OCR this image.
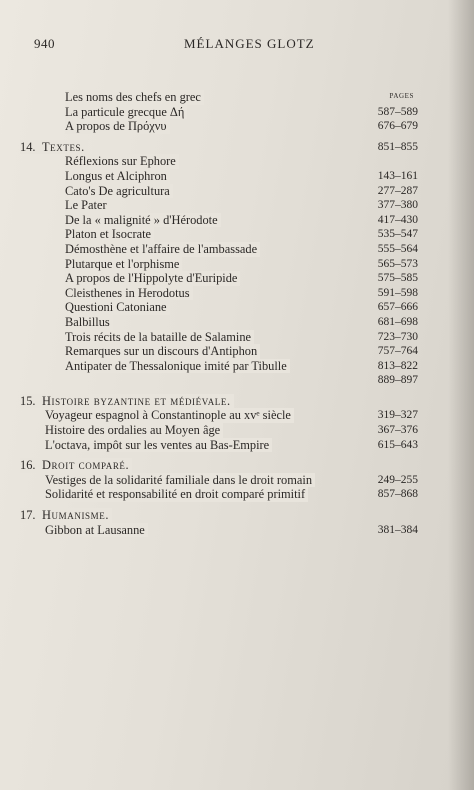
940	MÉLANGES GLOTZ
PAGES
Les noms des chefs en grec
La particule grecque Δή	587–589
A propos de Πρόχνυ	676–679
14. Textes.	851–855
Réflexions sur Ephore
Longus et Alciphron	143–161
Cato's De agricultura	277–287
Le Pater	377–380
De la « malignité » d'Hérodote	417–430
Platon et Isocrate	535–547
Démosthène et l'affaire de l'ambassade	555–564
Plutarque et l'orphisme	565–573
A propos de l'Hippolyte d'Euripide	575–585
Cleisthenes in Herodotus	591–598
Questioni Catoniane	657–666
Balbillus	681–698
Trois récits de la bataille de Salamine	723–730
Remarques sur un discours d'Antiphon	757–764
Antipater de Thessalonique imité par Tibulle	813–822
889–897
15. Histoire byzantine et médiévale.
Voyageur espagnol à Constantinople au xvᵉ siècle	319–327
Histoire des ordalies au Moyen âge	367–376
L'octava, impôt sur les ventes au Bas-Empire	615–643
16. Droit comparé.
Vestiges de la solidarité familiale dans le droit romain	249–255
Solidarité et responsabilité en droit comparé primitif	857–868
17. Humanisme.
Gibbon at Lausanne	381–384
